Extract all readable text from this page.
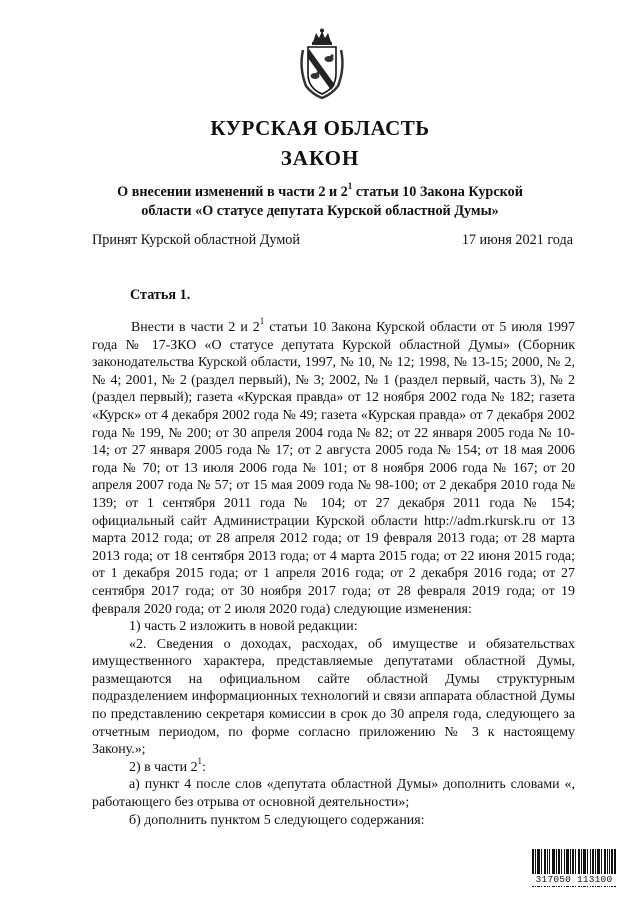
КУРСКАЯ ОБЛАСТЬ
ЗАКОН
О внесении изменений в части 2 и $2^1$ статьи 10 Закона Курской области «О статусе депутата Курской областной Думы»
Принят Курской областной Думой	17 июня 2021 года
Статья 1.

Внести в части 2 и $2^1$ статьи 10 Закона Курской области от 5 июля 1997 года № 17-ЗКО «О статусе депутата Курской областной Думы» (Сборник законодательства Курской области, 1997, № 10, № 12; 1998, № 13-15; 2000, № 2, № 4; 2001, № 2 (раздел первый), № 3; 2002, № 1 (раздел первый, часть 3), № 2 (раздел первый); газета «Курская правда» от 12 ноября 2002 года № 182; газета «Курск» от 4 декабря 2002 года № 49; газета «Курская правда» от 7 декабря 2002 года № 199, № 200; от 30 апреля 2004 года № 82; от 22 января 2005 года № 10-14; от 27 января 2005 года № 17; от 2 августа 2005 года № 154; от 18 мая 2006 года № 70; от 13 июля 2006 года № 101; от 8 ноября 2006 года № 167; от 20 апреля 2007 года № 57; от 15 мая 2009 года № 98-100; от 2 декабря 2010 года № 139; от 1 сентября 2011 года № 104; от 27 декабря 2011 года № 154; официальный сайт Администрации Курской области http://adm.rkursk.ru от 13 марта 2012 года; от 28 апреля 2012 года; от 19 февраля 2013 года; от 28 марта 2013 года; от 18 сентября 2013 года; от 4 марта 2015 года; от 22 июня 2015 года; от 1 декабря 2015 года; от 1 апреля 2016 года; от 2 декабря 2016 года; от 27 сентября 2017 года; от 30 ноября 2017 года; от 28 февраля 2019 года; от 19 февраля 2020 года; от 2 июля 2020 года) следующие изменения:

1) часть 2 изложить в новой редакции:

«2. Сведения о доходах, расходах, об имуществе и обязательствах имущественного характера, представляемые депутатами областной Думы, размещаются на официальном сайте областной Думы структурным подразделением информационных технологий и связи аппарата областной Думы по представлению секретаря комиссии в срок до 30 апреля года, следующего за отчетным периодом, по форме согласно приложению № 3 к настоящему Закону.»;

2) в части $2^1$:

а) пункт 4 после слов «депутата областной Думы» дополнить словами «, работающего без отрыва от основной деятельности»;

б) дополнить пунктом 5 следующего содержания:

317050 113100
